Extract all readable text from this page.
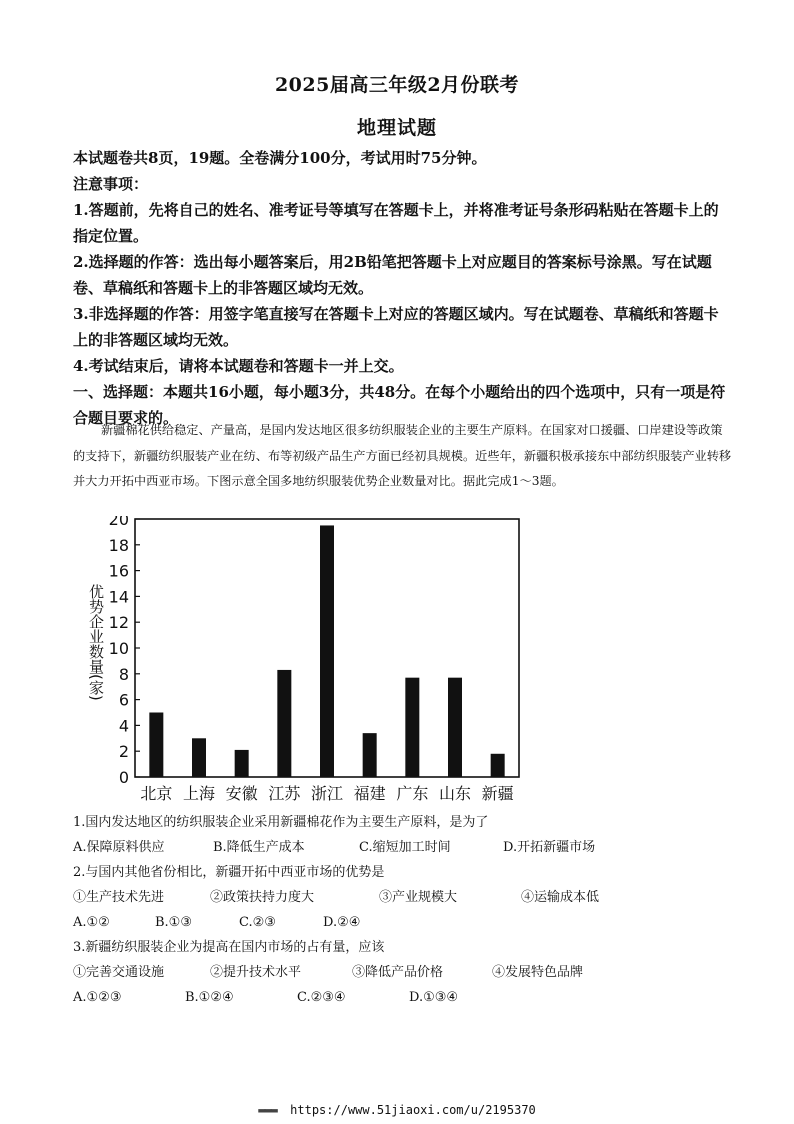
2025届高三年级2月份联考
地理试题
本试题卷共8页，19题。全卷满分100分，考试用时75分钟。
注意事项：
1.答题前，先将自己的姓名、准考证号等填写在答题卡上，并将准考证号条形码粘贴在答题卡上的指定位置。
2.选择题的作答：选出每小题答案后，用2B铅笔把答题卡上对应题目的答案标号涂黑。写在试题卷、草稿纸和答题卡上的非答题区域均无效。
3.非选择题的作答：用签字笔直接写在答题卡上对应的答题区域内。写在试题卷、草稿纸和答题卡上的非答题区域均无效。
4.考试结束后，请将本试题卷和答题卡一并上交。
一、选择题：本题共16小题，每小题3分，共48分。在每个小题给出的四个选项中，只有一项是符合题目要求的。
新疆棉花供给稳定、产量高，是国内发达地区很多纺织服装企业的主要生产原料。在国家对口援疆、口岸建设等政策的支持下，新疆纺织服装产业在纺、布等初级产品生产方面已经初具规模。近些年，新疆积极承接东中部纺织服装产业转移并大力开拓中西亚市场。下图示意全国多地纺织服装优势企业数量对比。据此完成1～3题。
0
2
4
6
8
10
12
14
16
18
20
北京 上海 安徽 江苏 浙江 福建 广东 山东 新疆
优势企业数量(家)
1.国内发达地区的纺织服装企业采用新疆棉花作为主要生产原料，是为了
A.保障原料供应	B.降低生产成本	C.缩短加工时间	D.开拓新疆市场
2.与国内其他省份相比，新疆开拓中西亚市场的优势是
①生产技术先进	②政策扶持力度大	③产业规模大	④运输成本低
A.①②	B.①③	C.②③	D.②④
3.新疆纺织服装企业为提高在国内市场的占有量，应该
①完善交通设施	②提升技术水平	③降低产品价格	④发展特色品牌
A.①②③	B.①②④	C.②③④	D.①③④
▬▬▬ https://www.51jiaoxi.com/u/2195370
